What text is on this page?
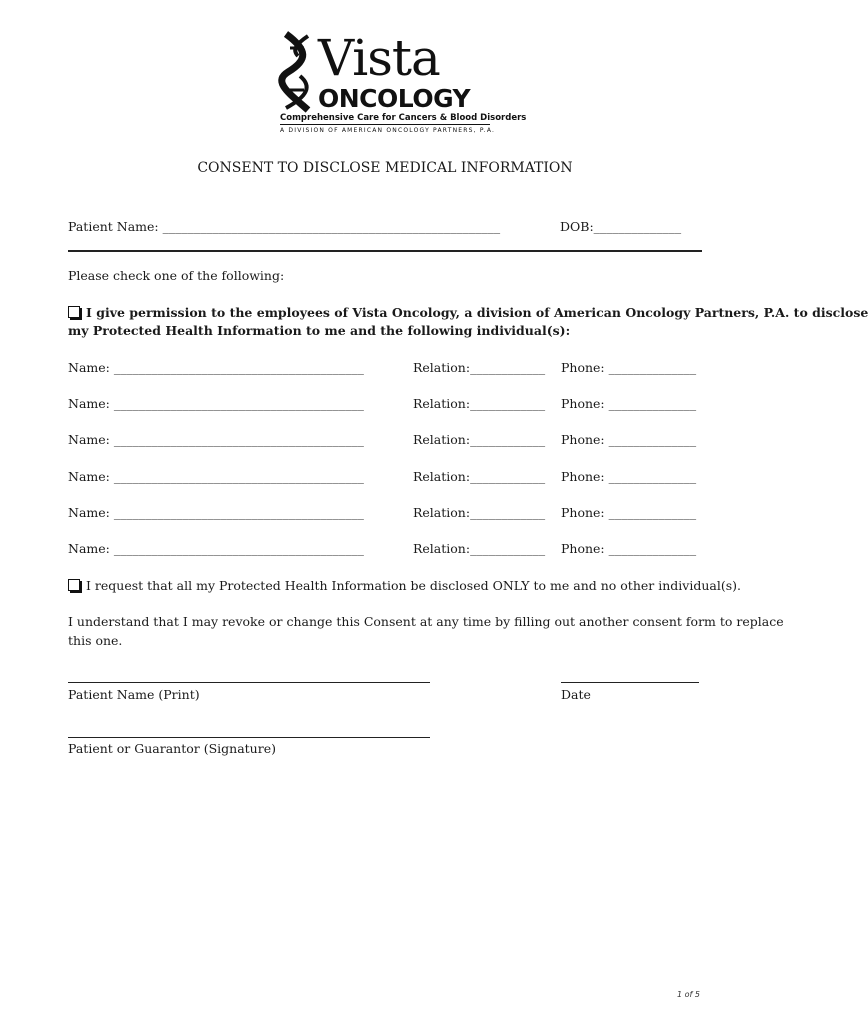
Vista
ONCOLOGY
Comprehensive Care for Cancers & Blood Disorders
A DIVISION OF AMERICAN ONCOLOGY PARTNERS, P.A.
CONSENT TO DISCLOSE MEDICAL INFORMATION
Patient Name: ______________________________________________________	DOB:______________
Please check one of the following:
I give permission to the employees of Vista Oncology, a division of American Oncology Partners, P.A. to disclose
my Protected Health Information to me and the following individual(s):
Name: ________________________________________	Relation:____________ Phone: ______________
Name: ________________________________________	Relation:____________ Phone: ______________
Name: ________________________________________	Relation:____________ Phone: ______________
Name: ________________________________________	Relation:____________ Phone: ______________
Name: ________________________________________	Relation:____________ Phone: ______________
Name: ________________________________________	Relation:____________ Phone: ______________
I request that all my Protected Health Information be disclosed ONLY to me and no other individual(s).
I understand that I may revoke or change this Consent at any time by filling out another consent form to replace
this one.
Patient Name (Print)	Date
Patient or Guarantor (Signature)
1 of 5
